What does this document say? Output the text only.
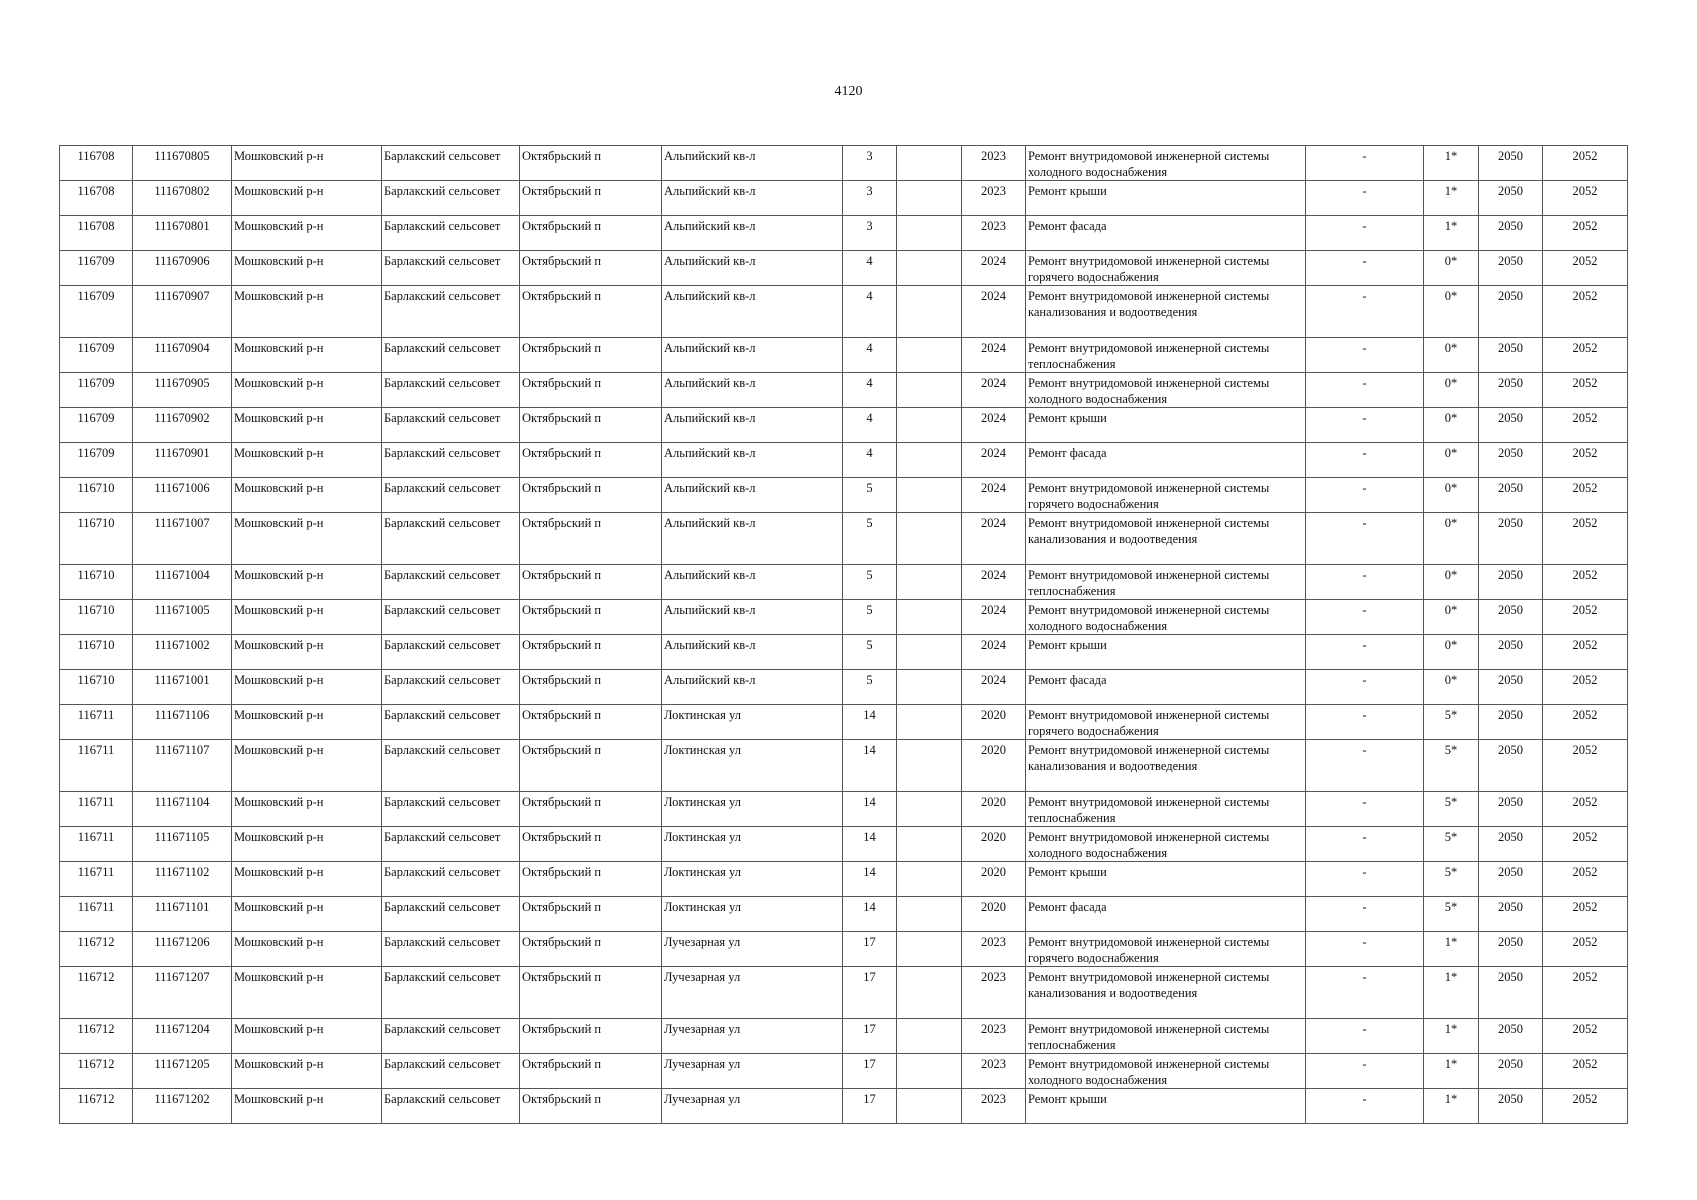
4120
116708	111670805	Мошковский р-н	Барлакский сельсовет	Октябрьский п	Альпийский кв-л	3		2023	Ремонт внутридомовой инженерной системы холодного водоснабжения	-	1*	2050	2052
116708	111670802	Мошковский р-н	Барлакский сельсовет	Октябрьский п	Альпийский кв-л	3		2023	Ремонт крыши	-	1*	2050	2052
116708	111670801	Мошковский р-н	Барлакский сельсовет	Октябрьский п	Альпийский кв-л	3		2023	Ремонт фасада	-	1*	2050	2052
116709	111670906	Мошковский р-н	Барлакский сельсовет	Октябрьский п	Альпийский кв-л	4		2024	Ремонт внутридомовой инженерной системы горячего водоснабжения	-	0*	2050	2052
116709	111670907	Мошковский р-н	Барлакский сельсовет	Октябрьский п	Альпийский кв-л	4		2024	Ремонт внутридомовой инженерной системы канализования и водоотведения	-	0*	2050	2052
116709	111670904	Мошковский р-н	Барлакский сельсовет	Октябрьский п	Альпийский кв-л	4		2024	Ремонт внутридомовой инженерной системы теплоснабжения	-	0*	2050	2052
116709	111670905	Мошковский р-н	Барлакский сельсовет	Октябрьский п	Альпийский кв-л	4		2024	Ремонт внутридомовой инженерной системы холодного водоснабжения	-	0*	2050	2052
116709	111670902	Мошковский р-н	Барлакский сельсовет	Октябрьский п	Альпийский кв-л	4		2024	Ремонт крыши	-	0*	2050	2052
116709	111670901	Мошковский р-н	Барлакский сельсовет	Октябрьский п	Альпийский кв-л	4		2024	Ремонт фасада	-	0*	2050	2052
116710	111671006	Мошковский р-н	Барлакский сельсовет	Октябрьский п	Альпийский кв-л	5		2024	Ремонт внутридомовой инженерной системы горячего водоснабжения	-	0*	2050	2052
116710	111671007	Мошковский р-н	Барлакский сельсовет	Октябрьский п	Альпийский кв-л	5		2024	Ремонт внутридомовой инженерной системы канализования и водоотведения	-	0*	2050	2052
116710	111671004	Мошковский р-н	Барлакский сельсовет	Октябрьский п	Альпийский кв-л	5		2024	Ремонт внутридомовой инженерной системы теплоснабжения	-	0*	2050	2052
116710	111671005	Мошковский р-н	Барлакский сельсовет	Октябрьский п	Альпийский кв-л	5		2024	Ремонт внутридомовой инженерной системы холодного водоснабжения	-	0*	2050	2052
116710	111671002	Мошковский р-н	Барлакский сельсовет	Октябрьский п	Альпийский кв-л	5		2024	Ремонт крыши	-	0*	2050	2052
116710	111671001	Мошковский р-н	Барлакский сельсовет	Октябрьский п	Альпийский кв-л	5		2024	Ремонт фасада	-	0*	2050	2052
116711	111671106	Мошковский р-н	Барлакский сельсовет	Октябрьский п	Локтинская ул	14		2020	Ремонт внутридомовой инженерной системы горячего водоснабжения	-	5*	2050	2052
116711	111671107	Мошковский р-н	Барлакский сельсовет	Октябрьский п	Локтинская ул	14		2020	Ремонт внутридомовой инженерной системы канализования и водоотведения	-	5*	2050	2052
116711	111671104	Мошковский р-н	Барлакский сельсовет	Октябрьский п	Локтинская ул	14		2020	Ремонт внутридомовой инженерной системы теплоснабжения	-	5*	2050	2052
116711	111671105	Мошковский р-н	Барлакский сельсовет	Октябрьский п	Локтинская ул	14		2020	Ремонт внутридомовой инженерной системы холодного водоснабжения	-	5*	2050	2052
116711	111671102	Мошковский р-н	Барлакский сельсовет	Октябрьский п	Локтинская ул	14		2020	Ремонт крыши	-	5*	2050	2052
116711	111671101	Мошковский р-н	Барлакский сельсовет	Октябрьский п	Локтинская ул	14		2020	Ремонт фасада	-	5*	2050	2052
116712	111671206	Мошковский р-н	Барлакский сельсовет	Октябрьский п	Лучезарная ул	17		2023	Ремонт внутридомовой инженерной системы горячего водоснабжения	-	1*	2050	2052
116712	111671207	Мошковский р-н	Барлакский сельсовет	Октябрьский п	Лучезарная ул	17		2023	Ремонт внутридомовой инженерной системы канализования и водоотведения	-	1*	2050	2052
116712	111671204	Мошковский р-н	Барлакский сельсовет	Октябрьский п	Лучезарная ул	17		2023	Ремонт внутридомовой инженерной системы теплоснабжения	-	1*	2050	2052
116712	111671205	Мошковский р-н	Барлакский сельсовет	Октябрьский п	Лучезарная ул	17		2023	Ремонт внутридомовой инженерной системы холодного водоснабжения	-	1*	2050	2052
116712	111671202	Мошковский р-н	Барлакский сельсовет	Октябрьский п	Лучезарная ул	17		2023	Ремонт крыши	-	1*	2050	2052
